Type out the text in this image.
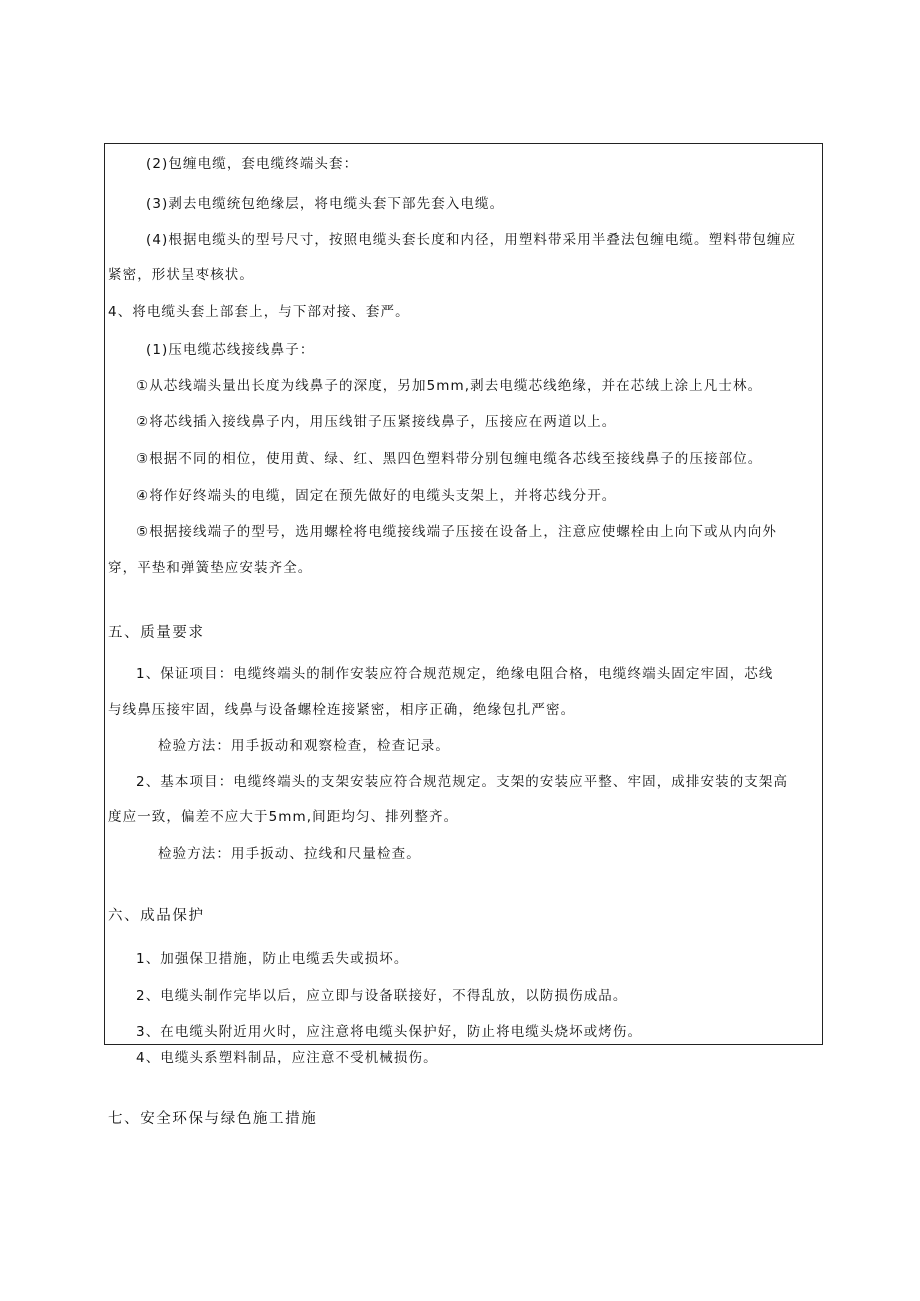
(2)包缠电缆，套电缆终端头套：
(3)剥去电缆统包绝缘层，将电缆头套下部先套入电缆。
(4)根据电缆头的型号尺寸，按照电缆头套长度和内径，用塑料带采用半叠法包缠电缆。塑料带包缠应
紧密，形状呈枣核状。
4、将电缆头套上部套上，与下部对接、套严。
(1)压电缆芯线接线鼻子：
①从芯线端头量出长度为线鼻子的深度，另加5mm,剥去电缆芯线绝缘，并在芯绒上涂上凡士林。
②将芯线插入接线鼻子内，用压线钳子压紧接线鼻子，压接应在两道以上。
③根据不同的相位，使用黄、绿、红、黑四色塑料带分别包缠电缆各芯线至接线鼻子的压接部位。
④将作好终端头的电缆，固定在预先做好的电缆头支架上，并将芯线分开。
⑤根据接线端子的型号，选用螺栓将电缆接线端子压接在设备上，注意应使螺栓由上向下或从内向外
穿，平垫和弹簧垫应安装齐全。
五、质量要求
1、保证项目：电缆终端头的制作安装应符合规范规定，绝缘电阻合格，电缆终端头固定牢固，芯线
与线鼻压接牢固，线鼻与设备螺栓连接紧密，相序正确，绝缘包扎严密。
检验方法：用手扳动和观察检查，检查记录。
2、基本项目：电缆终端头的支架安装应符合规范规定。支架的安装应平整、牢固，成排安装的支架高
度应一致，偏差不应大于5mm,间距均匀、排列整齐。
检验方法：用手扳动、拉线和尺量检查。
六、成品保护
1、加强保卫措施，防止电缆丢失或损坏。
2、电缆头制作完毕以后，应立即与设备联接好，不得乱放，以防损伤成品。
3、在电缆头附近用火时，应注意将电缆头保护好，防止将电缆头烧坏或烤伤。
4、电缆头系塑料制品，应注意不受机械损伤。
七、安全环保与绿色施工措施
